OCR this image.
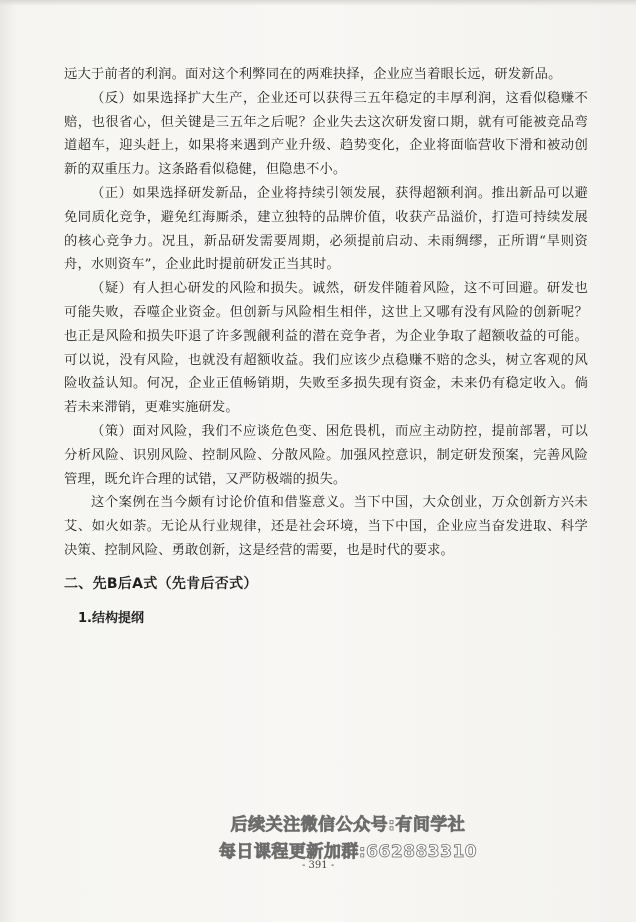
远大于前者的利润。面对这个利弊同在的两难抉择，企业应当着眼长远，研发新品。

（反）如果选择扩大生产，企业还可以获得三五年稳定的丰厚利润，这看似稳赚不赔，也很省心，但关键是三五年之后呢？企业失去这次研发窗口期，就有可能被竞品弯道超车，迎头赶上，如果将来遇到产业升级、趋势变化，企业将面临营收下滑和被动创新的双重压力。这条路看似稳健，但隐患不小。

（正）如果选择研发新品，企业将持续引领发展，获得超额利润。推出新品可以避免同质化竞争，避免红海厮杀，建立独特的品牌价值，收获产品溢价，打造可持续发展的核心竞争力。况且，新品研发需要周期，必须提前启动、未雨绸缪，正所谓“旱则资舟，水则资车”，企业此时提前研发正当其时。

（疑）有人担心研发的风险和损失。诚然，研发伴随着风险，这不可回避。研发也可能失败，吞噬企业资金。但创新与风险相生相伴，这世上又哪有没有风险的创新呢？也正是风险和损失吓退了许多觊觎利益的潜在竞争者，为企业争取了超额收益的可能。可以说，没有风险，也就没有超额收益。我们应该少点稳赚不赔的念头，树立客观的风险收益认知。何况，企业正值畅销期，失败至多损失现有资金，未来仍有稳定收入。倘若未来滞销，更难实施研发。

（策）面对风险，我们不应谈危色变、困危畏机，而应主动防控，提前部署，可以分析风险、识别风险、控制风险、分散风险。加强风控意识，制定研发预案，完善风险管理，既允许合理的试错，又严防极端的损失。

这个案例在当今颇有讨论价值和借鉴意义。当下中国，大众创业，万众创新方兴未艾、如火如荼。无论从行业规律，还是社会环境，当下中国，企业应当奋发进取、科学决策、控制风险、勇敢创新，这是经营的需要，也是时代的要求。

二、先B后A式（先肯后否式）
1.结构提纲
后续关注微信公众号:有间学社
每日课程更新加群:662883310
- 391 -
